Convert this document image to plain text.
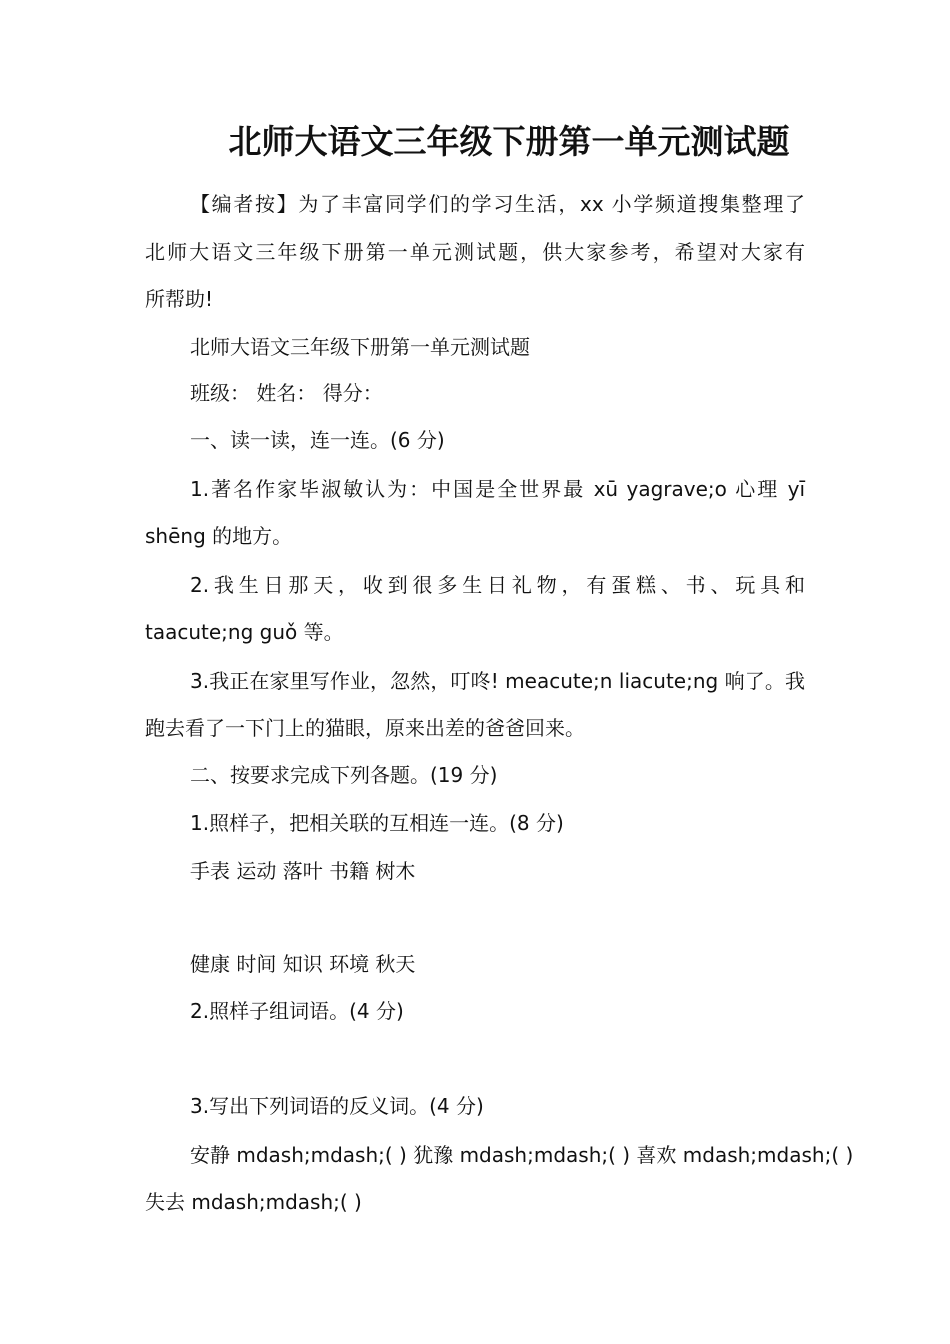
北师大语文三年级下册第一单元测试题
【编者按】为了丰富同学们的学习生活，xx 小学频道搜集整理了
北师大语文三年级下册第一单元测试题，供大家参考，希望对大家有
所帮助!
北师大语文三年级下册第一单元测试题
班级： 姓名： 得分：
一、读一读，连一连。(6 分)
1.著名作家毕淑敏认为：中国是全世界最 xū yagrave;o 心理 yī
shēng 的地方。
2.我生日那天，收到很多生日礼物，有蛋糕、书、玩具和
taacute;ng guǒ 等。
3.我正在家里写作业，忽然，叮咚! meacute;n liacute;ng 响了。我
跑去看了一下门上的猫眼，原来出差的爸爸回来。
二、按要求完成下列各题。(19 分)
1.照样子，把相关联的互相连一连。(8 分)
手表 运动 落叶 书籍 树木
健康 时间 知识 环境 秋天
2.照样子组词语。(4 分)
3.写出下列词语的反义词。(4 分)
安静 mdash;mdash;( ) 犹豫 mdash;mdash;( ) 喜欢 mdash;mdash;( )
失去 mdash;mdash;( )
